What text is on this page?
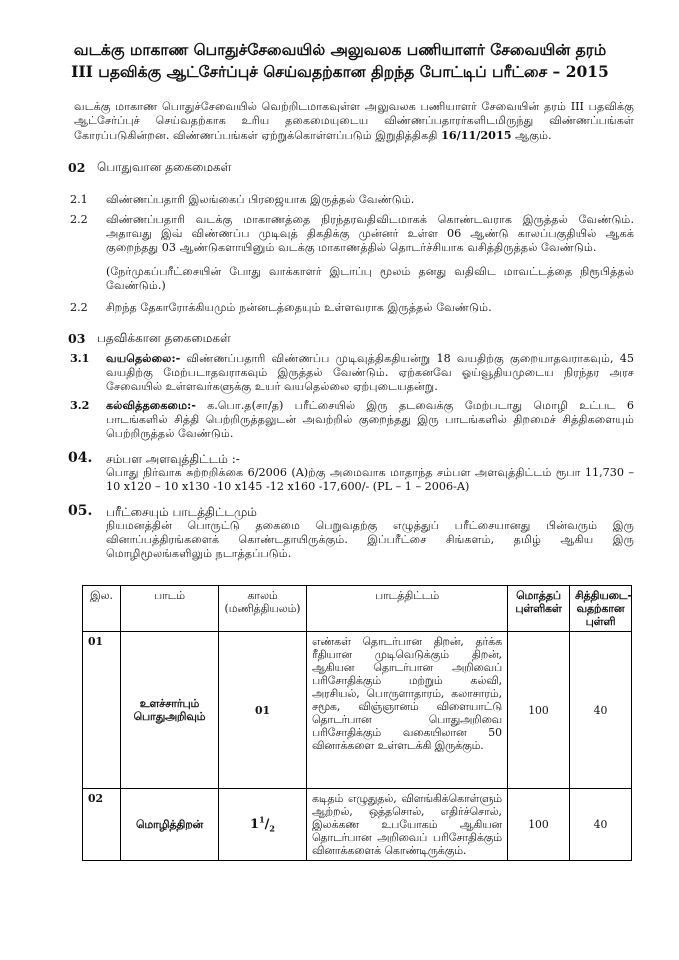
வடக்கு மாகாண பொதுச்சேவையில் அலுவலக பணியாளர் சேவையின் தரம்
III பதவிக்கு ஆட்சேர்ப்புச் செய்வதற்கான திறந்த போட்டிப் பரீட்சை – 2015
வடக்கு மாகாண பொதுச்சேவையில் வெற்றிடமாகவுள்ள அலுவலக பணியாளர் சேவையின் தரம் III பதவிக்கு ஆட்சேர்ப்புச் செய்வதற்காக உரிய தகைமையுடைய விண்ணப்பதாரர்களிடமிருந்து விண்ணப்பங்கள் கோரப்படுகின்றன. விண்ணப்பங்கள் ஏற்றுக்கொள்ளப்படும் இறுதித்திகதி 16/11/2015 ஆகும்.
02 பொதுவான தகைமைகள்
2.1 விண்ணப்பதாரி இலங்கைப் பிரஜையாக இருத்தல் வேண்டும்.
2.2 விண்ணப்பதாரி வடக்கு மாகாணத்தை நிரந்தரவதிவிடமாகக் கொண்டவராக இருத்தல் வேண்டும். அதாவது இவ் விண்ணப்ப முடிவுத் திகதிக்கு முன்னர் உள்ள 06 ஆண்டு காலப்பகுதியில் ஆகக் குறைந்தது 03 ஆண்டுகளாயினும் வடக்கு மாகாணத்தில் தொடர்ச்சியாக வசித்திருத்தல் வேண்டும்.
(நேர்முகப்பரீட்சையின் போது வாக்காளர் இடாப்பு மூலம் தனது வதிவிட மாவட்டத்தை நிரூபித்தல் வேண்டும்.)
2.2 சிறந்த தேகாரோக்கியமும் நன்னடத்தையும் உள்ளவராக இருத்தல் வேண்டும்.
03 பதவிக்கான தகைமைகள்
3.1 வயதெல்லை:- விண்ணப்பதாரி விண்ணப்ப முடிவுத்திகதியன்று 18 வயதிற்கு குறையாதவராகவும், 45 வயதிற்கு மேற்படாதவராகவும் இருத்தல் வேண்டும். ஏற்கனவே ஓய்வூதியமுடைய நிரந்தர அரச சேவையில் உள்ளவர்களுக்கு உயர் வயதெல்லை ஏற்புடையதன்று.
3.2 கல்வித்தகைமை:- க.பொ.த(சா/த) பரீட்சையில் இரு தடவைக்கு மேற்படாது மொழி உட்பட 6 பாடங்களில் சித்தி பெற்றிருத்தலுடன் அவற்றில் குறைந்தது இரு பாடங்களில் திறமைச் சித்திகளையும் பெற்றிருத்தல் வேண்டும்.
04. சம்பள அளவுத்திட்டம் :-
பொது நிர்வாக சுற்றறிக்கை 6/2006 (A)ற்கு அமைவாக மாதாந்த சம்பள அளவுத்திட்டம் ரூபா 11,730 – 10 x120 – 10 x130 -10 x145 -12 x160 -17,600/- (PL – 1 – 2006-A)
05. பரீட்சையும் பாடத்திட்டமும்
நியமனத்தின் பொருட்டு தகைமை பெறுவதற்கு எழுத்துப் பரீட்சையானது பின்வரும் இரு வினாப்பத்திரங்களைக் கொண்டதாயிருக்கும். இப்பரீட்சை சிங்களம், தமிழ் ஆகிய இரு மொழிமூலங்களிலும் நடாத்தப்படும்.
இல.	பாடம்	காலம் (மணித்தியலம்)	பாடத்திட்டம்	மொத்தப் புள்ளிகள்	சித்தியடை-வதற்கான புள்ளி
01	உளச்சார்பும் பொதுஅறிவும்	01	எண்கள் தொடர்பான திறன், தர்க்க ரீதியான முடிவெடுக்கும் திறன், ஆகியன தொடர்பான அறிவைப் பரிசோதிக்கும் மற்றும் கல்வி, அரசியல், பொருளாதாரம், கலாசாரம், சமூக, விஞ்ஞானம் விளையாட்டு தொடர்பான பொதுஅறிவை பரிசோதிக்கும் வகையிலான 50 வினாக்களை உள்ளடக்கி இருக்கும்.	100	40
02	மொழித்திறன்	$1^1/_2$	கடிதம் எழுதுதல், விளங்கிக்கொள்ளும் ஆற்றல், ஒத்தசொல், எதிர்ச்சொல், இலக்கண உபயோகம் ஆகியன தொடர்பான அறிவைப் பரிசோதிக்கும் வினாக்களைக் கொண்டிருக்கும்.	100	40
